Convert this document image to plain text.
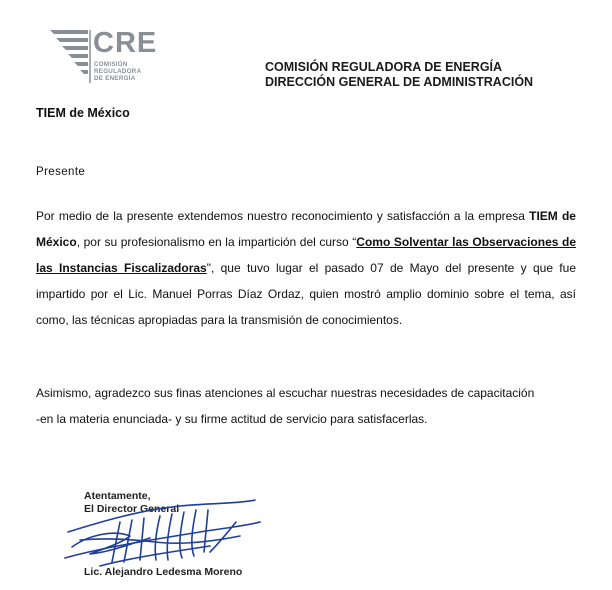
CRE
COMISIÓN
REGULADORA
DE ENERGÍA
COMISIÓN REGULADORA DE ENERGÍA
DIRECCIÓN GENERAL DE ADMINISTRACIÓN
TIEM de México
Presente
Por medio de la presente extendemos nuestro reconocimiento y satisfacción a la empresa TIEM de México, por su profesionalismo en la impartición del curso “Como Solventar las Observaciones de las Instancias Fiscalizadoras", que tuvo lugar el pasado 07 de Mayo del presente y que fue impartido por el Lic. Manuel Porras Díaz Ordaz, quien mostró amplio dominio sobre el tema, así como, las técnicas apropiadas para la transmisión de conocimientos.
Asimismo, agradezco sus finas atenciones al escuchar nuestras necesidades de capacitación
-en la materia enunciada- y su firme actitud de servicio para satisfacerlas.
Atentamente,
El Director General
Lic. Alejandro Ledesma Moreno
